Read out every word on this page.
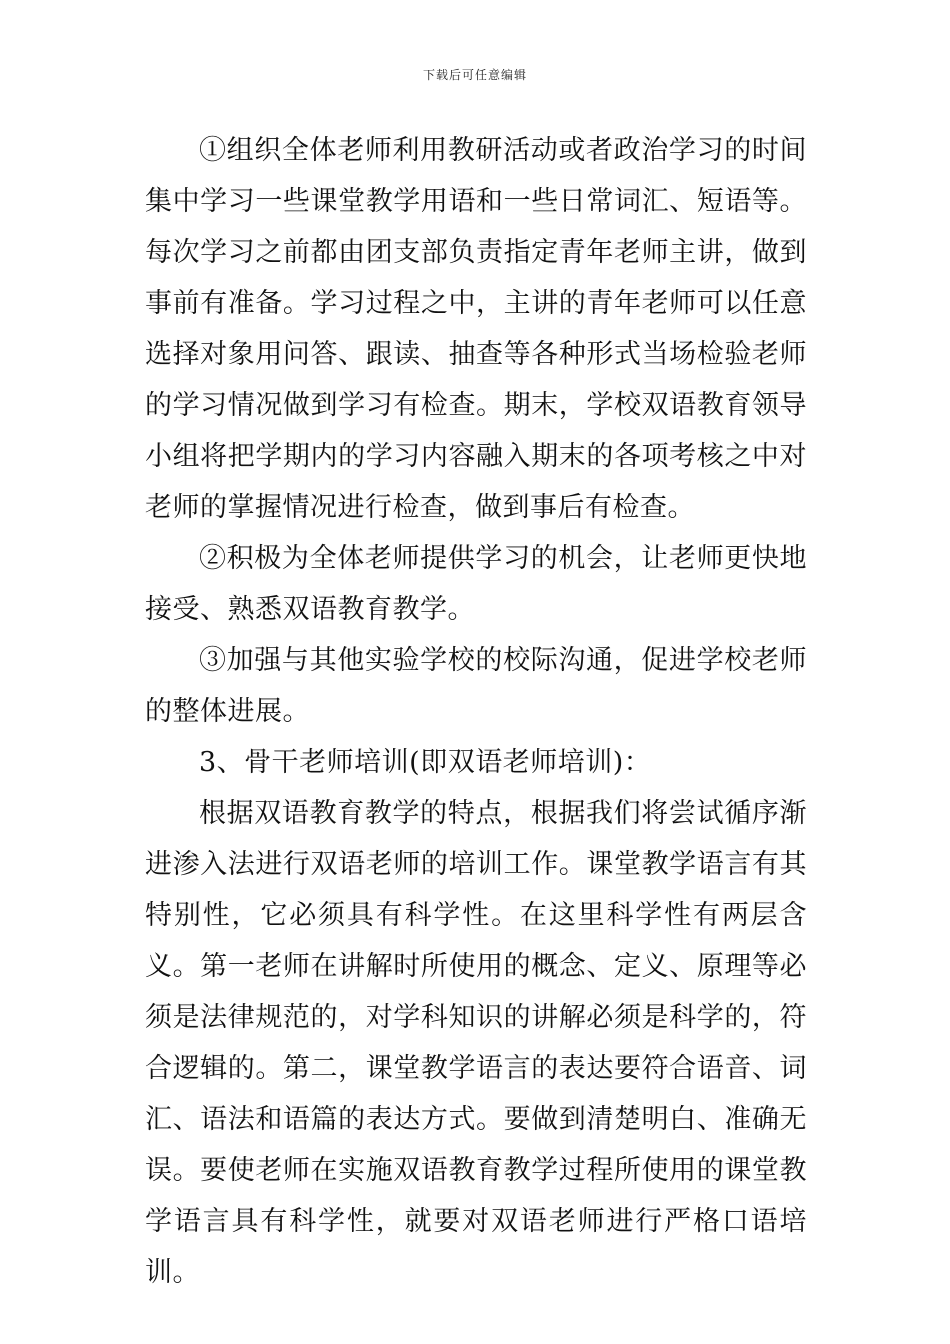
下载后可任意编辑

①组织全体老师利用教研活动或者政治学习的时间集中学习一些课堂教学用语和一些日常词汇、短语等。每次学习之前都由团支部负责指定青年老师主讲，做到事前有准备。学习过程之中，主讲的青年老师可以任意选择对象用问答、跟读、抽查等各种形式当场检验老师的学习情况做到学习有检查。期末，学校双语教育领导小组将把学期内的学习内容融入期末的各项考核之中对老师的掌握情况进行检查，做到事后有检查。

②积极为全体老师提供学习的机会，让老师更快地接受、熟悉双语教育教学。

③加强与其他实验学校的校际沟通，促进学校老师的整体进展。

3、骨干老师培训(即双语老师培训)：

根据双语教育教学的特点，根据我们将尝试循序渐进渗入法进行双语老师的培训工作。课堂教学语言有其特别性，它必须具有科学性。在这里科学性有两层含义。第一老师在讲解时所使用的概念、定义、原理等必须是法律规范的，对学科知识的讲解必须是科学的，符合逻辑的。第二，课堂教学语言的表达要符合语音、词汇、语法和语篇的表达方式。要做到清楚明白、准确无误。要使老师在实施双语教育教学过程所使用的课堂教学语言具有科学性，就要对双语老师进行严格口语培训。
